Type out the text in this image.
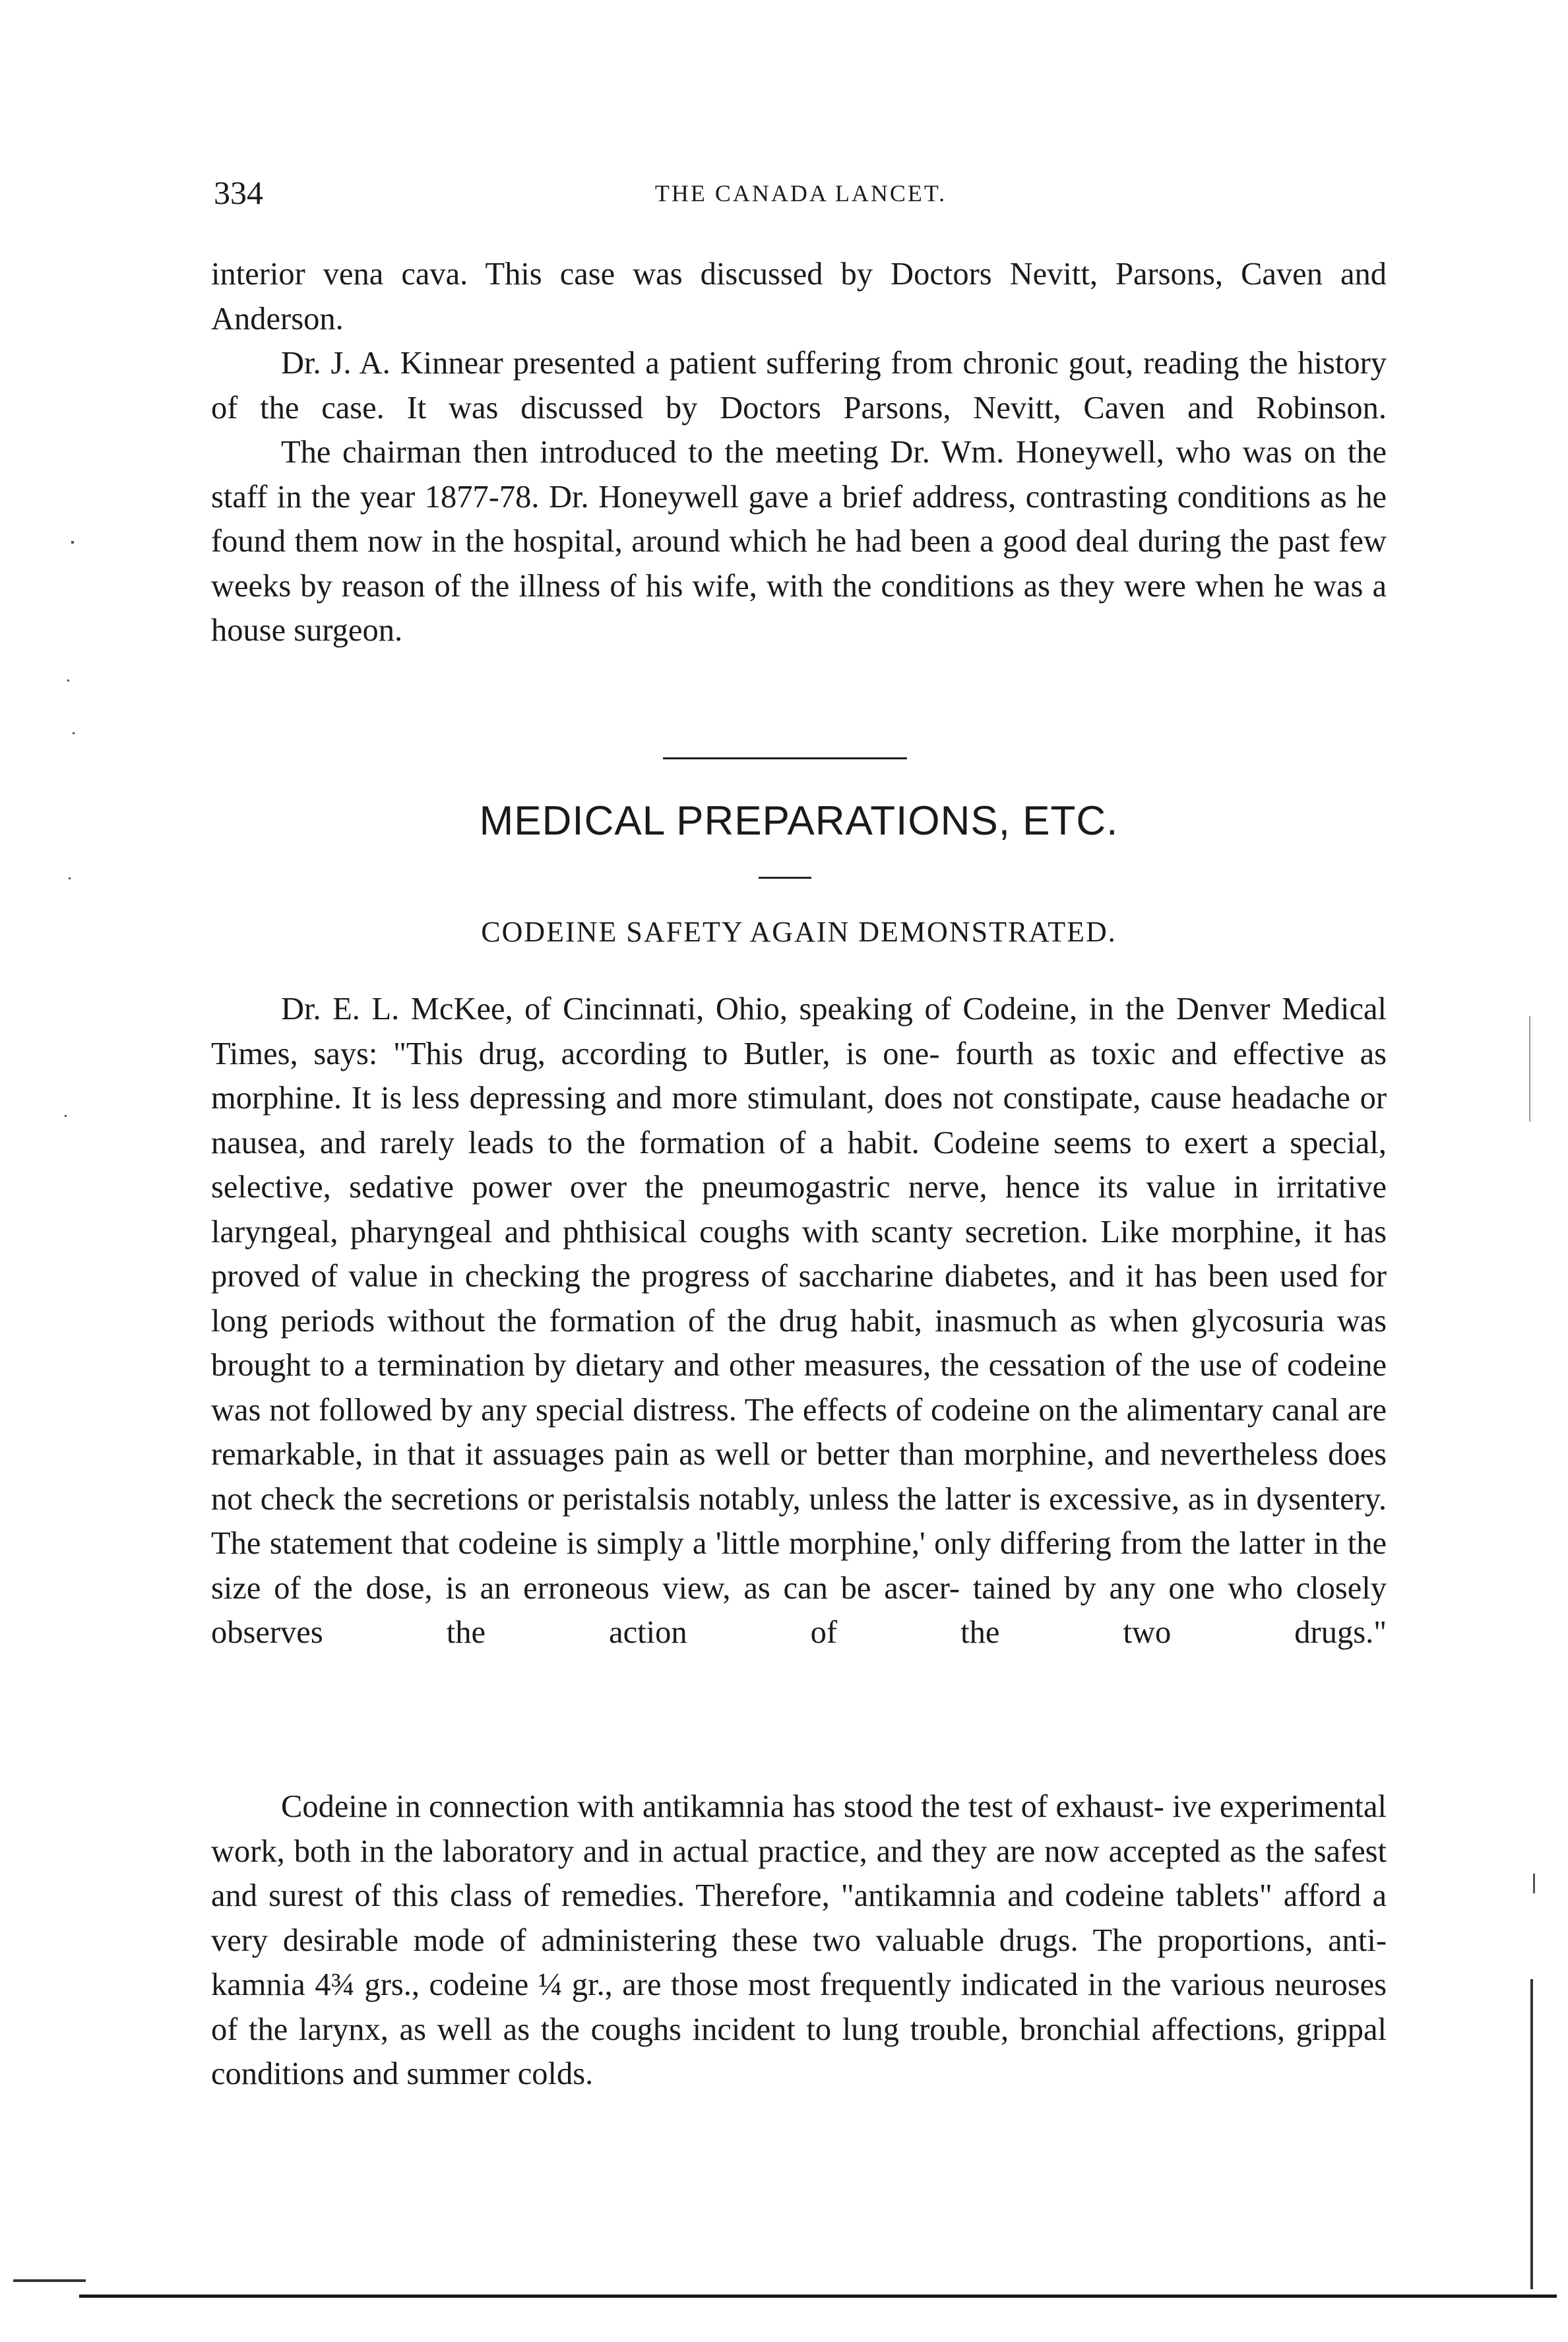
334	THE CANADA LANCET.

interior vena cava. This case was discussed by Doctors Nevitt, Parsons, Caven and Anderson.

Dr. J. A. Kinnear presented a patient suffering from chronic gout, reading the history of the case. It was discussed by Doctors Parsons, Nevitt, Caven and Robinson.

The chairman then introduced to the meeting Dr. Wm. Honeywell, who was on the staff in the year 1877-78. Dr. Honeywell gave a brief address, contrasting conditions as he found them now in the hospital, around which he had been a good deal during the past few weeks by reason of the illness of his wife, with the conditions as they were when he was a house surgeon.

MEDICAL PREPARATIONS, ETC.
CODEINE SAFETY AGAIN DEMONSTRATED.

Dr. E. L. McKee, of Cincinnati, Ohio, speaking of Codeine, in the Denver Medical Times, says: "This drug, according to Butler, is one- fourth as toxic and effective as morphine. It is less depressing and more stimulant, does not constipate, cause headache or nausea, and rarely leads to the formation of a habit. Codeine seems to exert a special, selective, sedative power over the pneumogastric nerve, hence its value in irritative laryngeal, pharyngeal and phthisical coughs with scanty secretion. Like morphine, it has proved of value in checking the progress of saccharine diabetes, and it has been used for long periods without the formation of the drug habit, inasmuch as when glycosuria was brought to a termination by dietary and other measures, the cessation of the use of codeine was not followed by any special distress. The effects of codeine on the alimentary canal are remarkable, in that it assuages pain as well or better than morphine, and nevertheless does not check the secretions or peristalsis notably, unless the latter is excessive, as in dysentery. The statement that codeine is simply a 'little morphine,' only differing from the latter in the size of the dose, is an erroneous view, as can be ascer- tained by any one who closely observes the action of the two drugs."

Codeine in connection with antikamnia has stood the test of exhaust- ive experimental work, both in the laboratory and in actual practice, and they are now accepted as the safest and surest of this class of remedies. Therefore, "antikamnia and codeine tablets" afford a very desirable mode of administering these two valuable drugs. The proportions, anti- kamnia 4¾ grs., codeine ¼ gr., are those most frequently indicated in the various neuroses of the larynx, as well as the coughs incident to lung trouble, bronchial affections, grippal conditions and summer colds.
